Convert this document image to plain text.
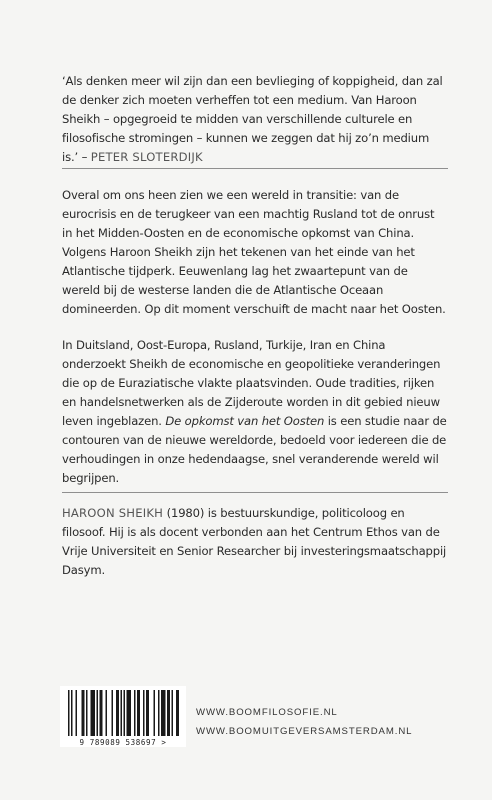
‘Als denken meer wil zijn dan een bevlieging of koppigheid, dan zal de denker zich moeten verheffen tot een medium. Van Haroon Sheikh – opgegroeid te midden van verschillende culturele en filosofische stromingen – kunnen we zeggen dat hij zo’n medium is.’ – PETER SLOTERDIJK

Overal om ons heen zien we een wereld in transitie: van de eurocrisis en de terugkeer van een machtig Rusland tot de onrust in het Midden-Oosten en de economische opkomst van China. Volgens Haroon Sheikh zijn het tekenen van het einde van het Atlantische tijdperk. Eeuwenlang lag het zwaartepunt van de wereld bij de westerse landen die de Atlantische Oceaan domineerden. Op dit moment verschuift de macht naar het Oosten.

In Duitsland, Oost-Europa, Rusland, Turkije, Iran en China onderzoekt Sheikh de economische en geopolitieke veranderingen die op de Euraziatische vlakte plaatsvinden. Oude tradities, rijken en handelsnetwerken als de Zijderoute worden in dit gebied nieuw leven ingeblazen. De opkomst van het Oosten is een studie naar de contouren van de nieuwe wereldorde, bedoeld voor iedereen die de verhoudingen in onze hedendaagse, snel veranderende wereld wil begrijpen.

HAROON SHEIKH (1980) is bestuurskundige, politicoloog en filosoof. Hij is als docent verbonden aan het Centrum Ethos van de Vrije Universiteit en Senior Researcher bij investeringsmaatschappij Dasym.

9 789089 538697 >
WWW.BOOMFILOSOFIE.NL
WWW.BOOMUITGEVERSAMSTERDAM.NL
